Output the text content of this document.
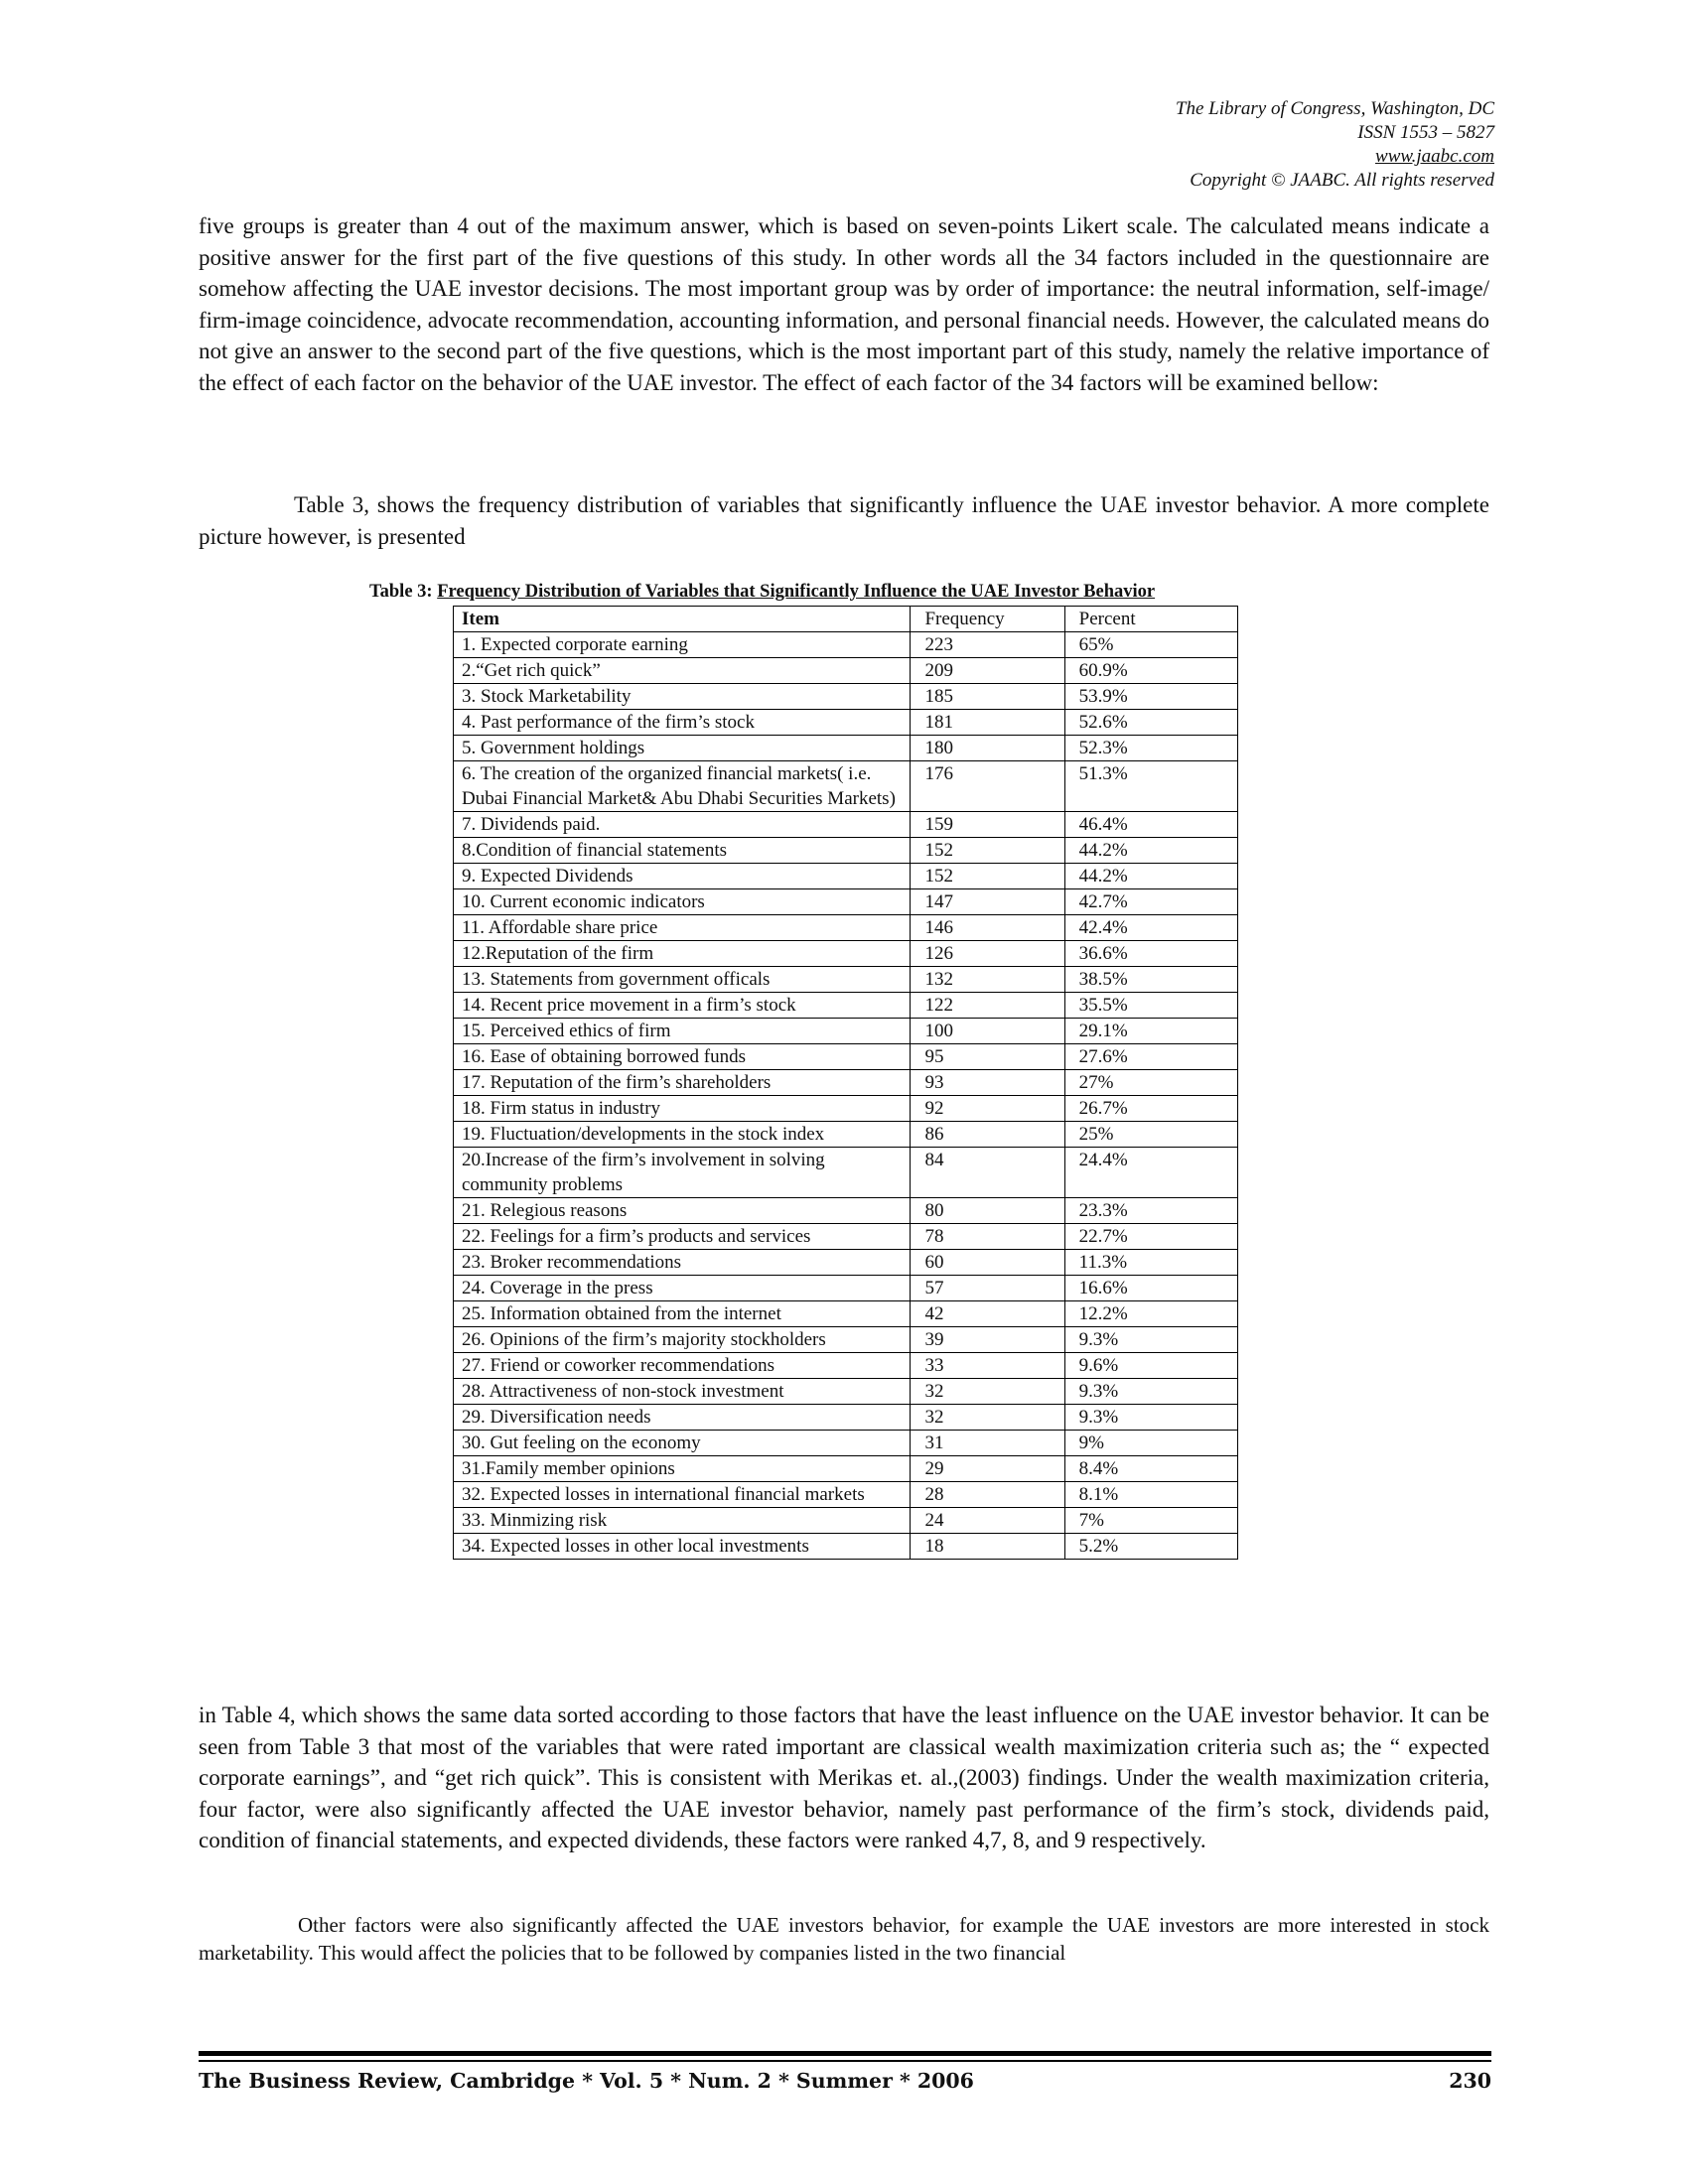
The Library of Congress, Washington, DC
ISSN 1553 – 5827
www.jaabc.com
Copyright © JAABC. All rights reserved

five groups is greater than 4 out of the maximum answer, which is based on seven-points Likert scale. The calculated means indicate a positive answer for the first part of the five questions of this study. In other words all the 34 factors included in the questionnaire are somehow affecting the UAE investor decisions. The most important group was by order of importance: the neutral information, self-image/ firm-image coincidence, advocate recommendation, accounting information, and personal financial needs. However, the calculated means do not give an answer to the second part of the five questions, which is the most important part of this study, namely the relative importance of the effect of each factor on the behavior of the UAE investor. The effect of each factor of the 34 factors will be examined bellow:

Table 3, shows the frequency distribution of variables that significantly influence the UAE investor behavior. A more complete picture however, is presented

Table 3: Frequency Distribution of Variables that Significantly Influence the UAE Investor Behavior
Item	Frequency	Percent
1. Expected corporate earning	223	65%
2.“Get rich quick”	209	60.9%
3. Stock Marketability	185	53.9%
4. Past performance of the firm’s stock	181	52.6%
5. Government holdings	180	52.3%
6. The creation of the organized financial markets( i.e. Dubai Financial Market& Abu Dhabi Securities Markets)	176	51.3%
7. Dividends paid.	159	46.4%
8.Condition of financial statements	152	44.2%
9. Expected Dividends	152	44.2%
10. Current economic indicators	147	42.7%
11. Affordable share price	146	42.4%
12.Reputation of the firm	126	36.6%
13. Statements from government officals	132	38.5%
14. Recent price movement in a firm’s stock	122	35.5%
15. Perceived ethics of firm	100	29.1%
16. Ease of obtaining borrowed funds	95	27.6%
17. Reputation of the firm’s shareholders	93	27%
18. Firm status in industry	92	26.7%
19. Fluctuation/developments in the stock index	86	25%
20.Increase of the firm’s involvement in solving community problems	84	24.4%
21. Relegious reasons	80	23.3%
22. Feelings for a firm’s products and services	78	22.7%
23. Broker recommendations	60	11.3%
24. Coverage in the press	57	16.6%
25. Information obtained from the internet	42	12.2%
26. Opinions of the firm’s majority stockholders	39	9.3%
27. Friend or coworker recommendations	33	9.6%
28. Attractiveness of non-stock investment	32	9.3%
29. Diversification needs	32	9.3%
30. Gut feeling on the economy	31	9%
31.Family member opinions	29	8.4%
32. Expected losses in international financial markets	28	8.1%
33. Minmizing risk	24	7%
34. Expected losses in other local investments	18	5.2%

in Table 4, which shows the same data sorted according to those factors that have the least influence on the UAE investor behavior. It can be seen from Table 3 that most of the variables that were rated important are classical wealth maximization criteria such as; the “ expected corporate earnings”, and “get rich quick”. This is consistent with Merikas et. al.,(2003) findings. Under the wealth maximization criteria, four factor, were also significantly affected the UAE investor behavior, namely past performance of the firm’s stock, dividends paid, condition of financial statements, and expected dividends, these factors were ranked 4,7, 8, and 9 respectively.

Other factors were also significantly affected the UAE investors behavior, for example the UAE investors are more interested in stock marketability. This would affect the policies that to be followed by companies listed in the two financial

The Business Review, Cambridge * Vol. 5 * Num. 2 * Summer * 2006	230
